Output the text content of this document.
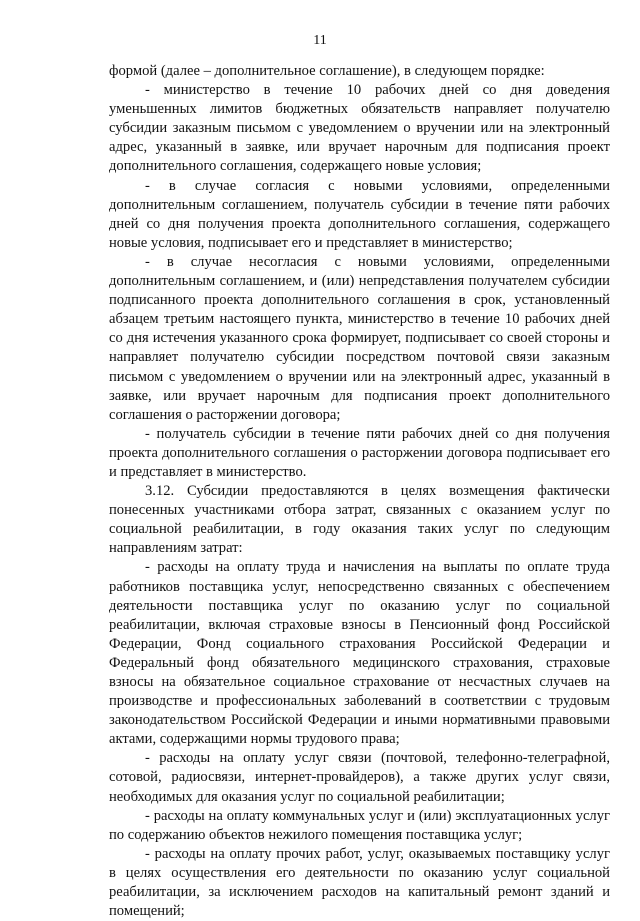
11

формой (далее – дополнительное соглашение), в следующем порядке:

- министерство в течение 10 рабочих дней со дня доведения уменьшенных лимитов бюджетных обязательств направляет получателю субсидии заказным письмом с уведомлением о вручении или на электронный адрес, указанный в заявке, или вручает нарочным для подписания проект дополнительного соглашения, содержащего новые условия;

- в случае согласия с новыми условиями, определенными дополнительным соглашением, получатель субсидии в течение пяти рабочих дней со дня получения проекта дополнительного соглашения, содержащего новые условия, подписывает его и представляет в министерство;

- в случае несогласия с новыми условиями, определенными дополнительным соглашением, и (или) непредставления получателем субсидии подписанного проекта дополнительного соглашения в срок, установленный абзацем третьим настоящего пункта, министерство в течение 10 рабочих дней со дня истечения указанного срока формирует, подписывает со своей стороны и направляет получателю субсидии посредством почтовой связи заказным письмом с уведомлением о вручении или на электронный адрес, указанный в заявке, или вручает нарочным для подписания проект дополнительного соглашения о расторжении договора;

- получатель субсидии в течение пяти рабочих дней со дня получения проекта дополнительного соглашения о расторжении договора подписывает его и представляет в министерство.

3.12. Субсидии предоставляются в целях возмещения фактически понесенных участниками отбора затрат, связанных с оказанием услуг по социальной реабилитации, в году оказания таких услуг по следующим направлениям затрат:

- расходы на оплату труда и начисления на выплаты по оплате труда работников поставщика услуг, непосредственно связанных с обеспечением деятельности поставщика услуг по оказанию услуг по социальной реабилитации, включая страховые взносы в Пенсионный фонд Российской Федерации, Фонд социального страхования Российской Федерации и Федеральный фонд обязательного медицинского страхования, страховые взносы на обязательное социальное страхование от несчастных случаев на производстве и профессиональных заболеваний в соответствии с трудовым законодательством Российской Федерации и иными нормативными правовыми актами, содержащими нормы трудового права;

- расходы на оплату услуг связи (почтовой, телефонно-телеграфной, сотовой, радиосвязи, интернет-провайдеров), а также других услуг связи, необходимых для оказания услуг по социальной реабилитации;

- расходы на оплату коммунальных услуг и (или) эксплуатационных услуг по содержанию объектов нежилого помещения поставщика услуг;

- расходы на оплату прочих работ, услуг, оказываемых поставщику услуг в целях осуществления его деятельности по оказанию услуг социальной реабилитации, за исключением расходов на капитальный ремонт зданий и помещений;
